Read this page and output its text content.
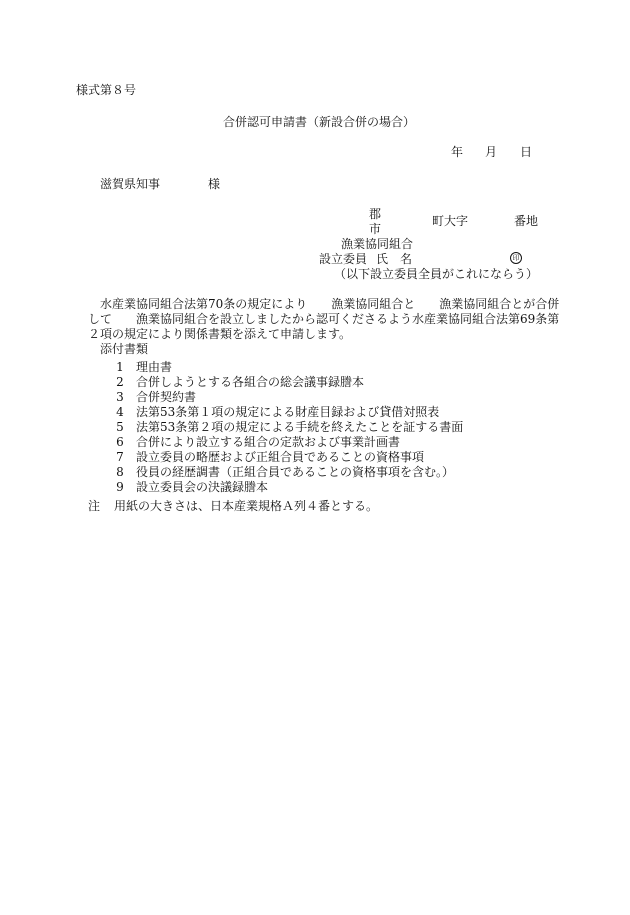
様式第８号
合併認可申請書（新設合併の場合）
年 月 日
滋賀県知事	様
郡
市
町大字	番地
漁業協同組合
設立委員 氏　名	印
（以下設立委員全員がこれにならう）
水産業協同組合法第70条の規定により　　漁業協同組合と　　漁業協同組合とが合併
して　　漁業協同組合を設立しましたから認可くださるよう水産業協同組合法第69条第
２項の規定により関係書類を添えて申請します。
添付書類
1 理由書
2 合併しようとする各組合の総会議事録謄本
3 合併契約書
4 法第53条第１項の規定による財産目録および貸借対照表
5 法第53条第２項の規定による手続を終えたことを証する書面
6 合併により設立する組合の定款および事業計画書
7 設立委員の略歴および正組合員であることの資格事項
8 役員の経歴調書（正組合員であることの資格事項を含む。）
9 設立委員会の決議録謄本
注 用紙の大きさは、日本産業規格Ａ列４番とする。
